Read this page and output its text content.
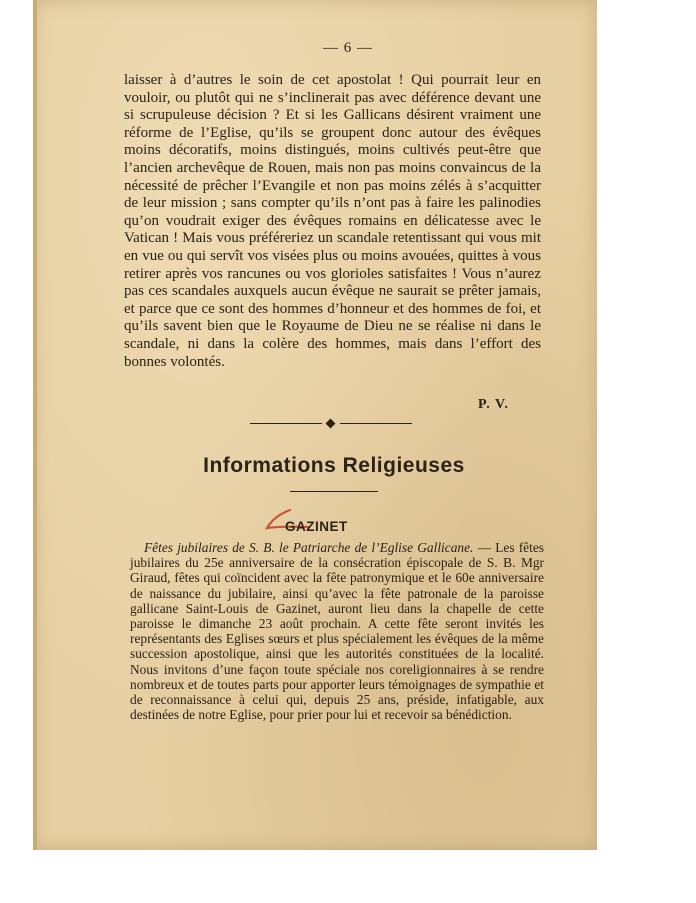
— 6 —

laisser à d’autres le soin de cet apostolat ! Qui pourrait leur en vouloir, ou plutôt qui ne s’inclinerait pas avec déférence devant une si scrupuleuse décision ? Et si les Gallicans désirent vraiment une réforme de l’Eglise, qu’ils se groupent donc autour des évêques moins décoratifs, moins distingués, moins cultivés peut-être que l’ancien archevêque de Rouen, mais non pas moins convaincus de la nécessité de prêcher l’Evangile et non pas moins zélés à s’acquitter de leur mission ; sans compter qu’ils n’ont pas à faire les palinodies qu’on voudrait exiger des évêques romains en délicatesse avec le Vatican ! Mais vous préféreriez un scandale retentissant qui vous mit en vue ou qui servît vos visées plus ou moins avouées, quittes à vous retirer après vos rancunes ou vos glorioles satisfaites ! Vous n’aurez pas ces scandales auxquels aucun évêque ne saurait se prêter jamais, et parce que ce sont des hommes d’honneur et des hommes de foi, et qu’ils savent bien que le Royaume de Dieu ne se réalise ni dans le scandale, ni dans la colère des hommes, mais dans l’effort des bonnes volontés.

P. V.
Informations Religieuses
GAZINET

Fêtes jubilaires de S. B. le Patriarche de l’Eglise Gallicane. — Les fêtes jubilaires du 25e anniversaire de la consécration épiscopale de S. B. Mgr Giraud, fêtes qui coïncident avec la fête patronymique et le 60e anniversaire de naissance du jubilaire, ainsi qu’avec la fête patronale de la paroisse gallicane Saint-Louis de Gazinet, auront lieu dans la chapelle de cette paroisse le dimanche 23 août prochain. A cette fête seront invités les représentants des Eglises sœurs et plus spécialement les évêques de la même succession apostolique, ainsi que les autorités constituées de la localité. Nous invitons d’une façon toute spéciale nos coreligionnaires à se rendre nombreux et de toutes parts pour apporter leurs témoignages de sympathie et de reconnaissance à celui qui, depuis 25 ans, préside, infatigable, aux destinées de notre Eglise, pour prier pour lui et recevoir sa bénédiction.
